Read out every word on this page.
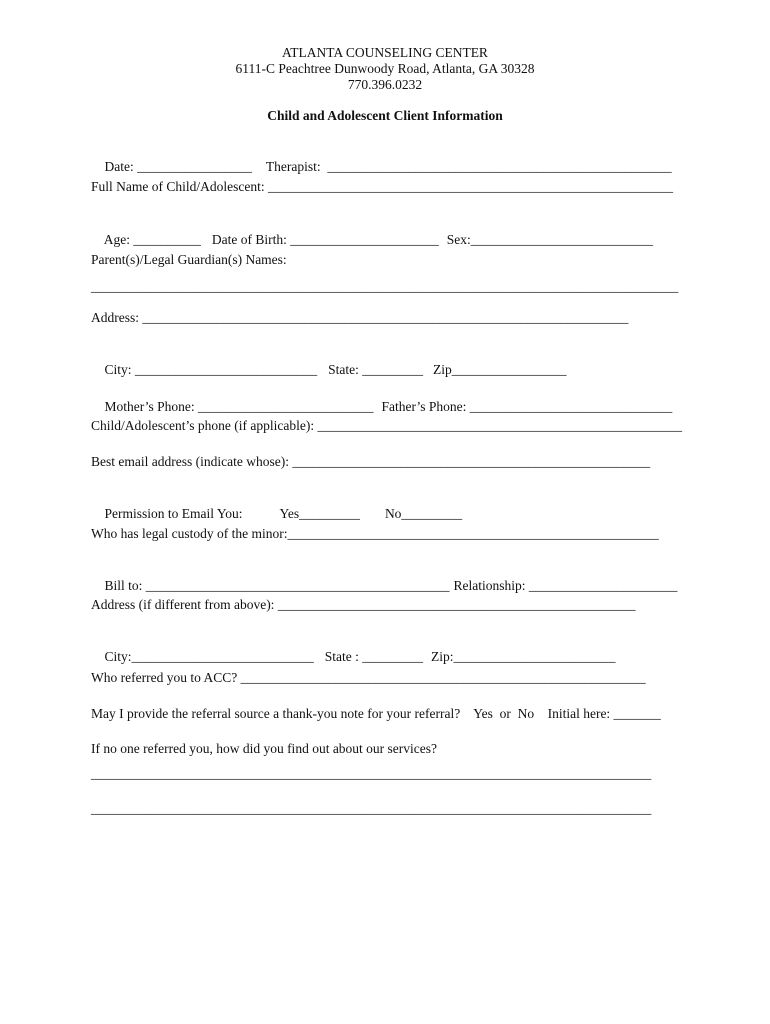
ATLANTA COUNSELING CENTER
6111-C Peachtree Dunwoody Road, Atlanta, GA 30328
770.396.0232
Child and Adolescent Client Information

Date: _________________ Therapist:  ___________________________________________________

Full Name of Child/Adolescent: ____________________________________________________________

Age: __________ Date of Birth: ______________________ Sex:___________________________

Parent(s)/Legal Guardian(s) Names:
_______________________________________________________________________________________
Address: ________________________________________________________________________

City: ___________________________ State: _________ Zip_________________

Mother’s Phone: __________________________ Father’s Phone: ______________________________

Child/Adolescent’s phone (if applicable): ______________________________________________________
Best email address (indicate whose): _____________________________________________________

Permission to Email You:	Yes_________ No_________

Who has legal custody of the minor:_______________________________________________________

Bill to: _____________________________________________ Relationship: ______________________

Address (if different from above): _____________________________________________________

City:___________________________ State : _________ Zip:________________________

Who referred you to ACC? ____________________________________________________________
May I provide the referral source a thank-you note for your referral?    Yes  or  No    Initial here: _______
If no one referred you, how did you find out about our services?
___________________________________________________________________________________
___________________________________________________________________________________
